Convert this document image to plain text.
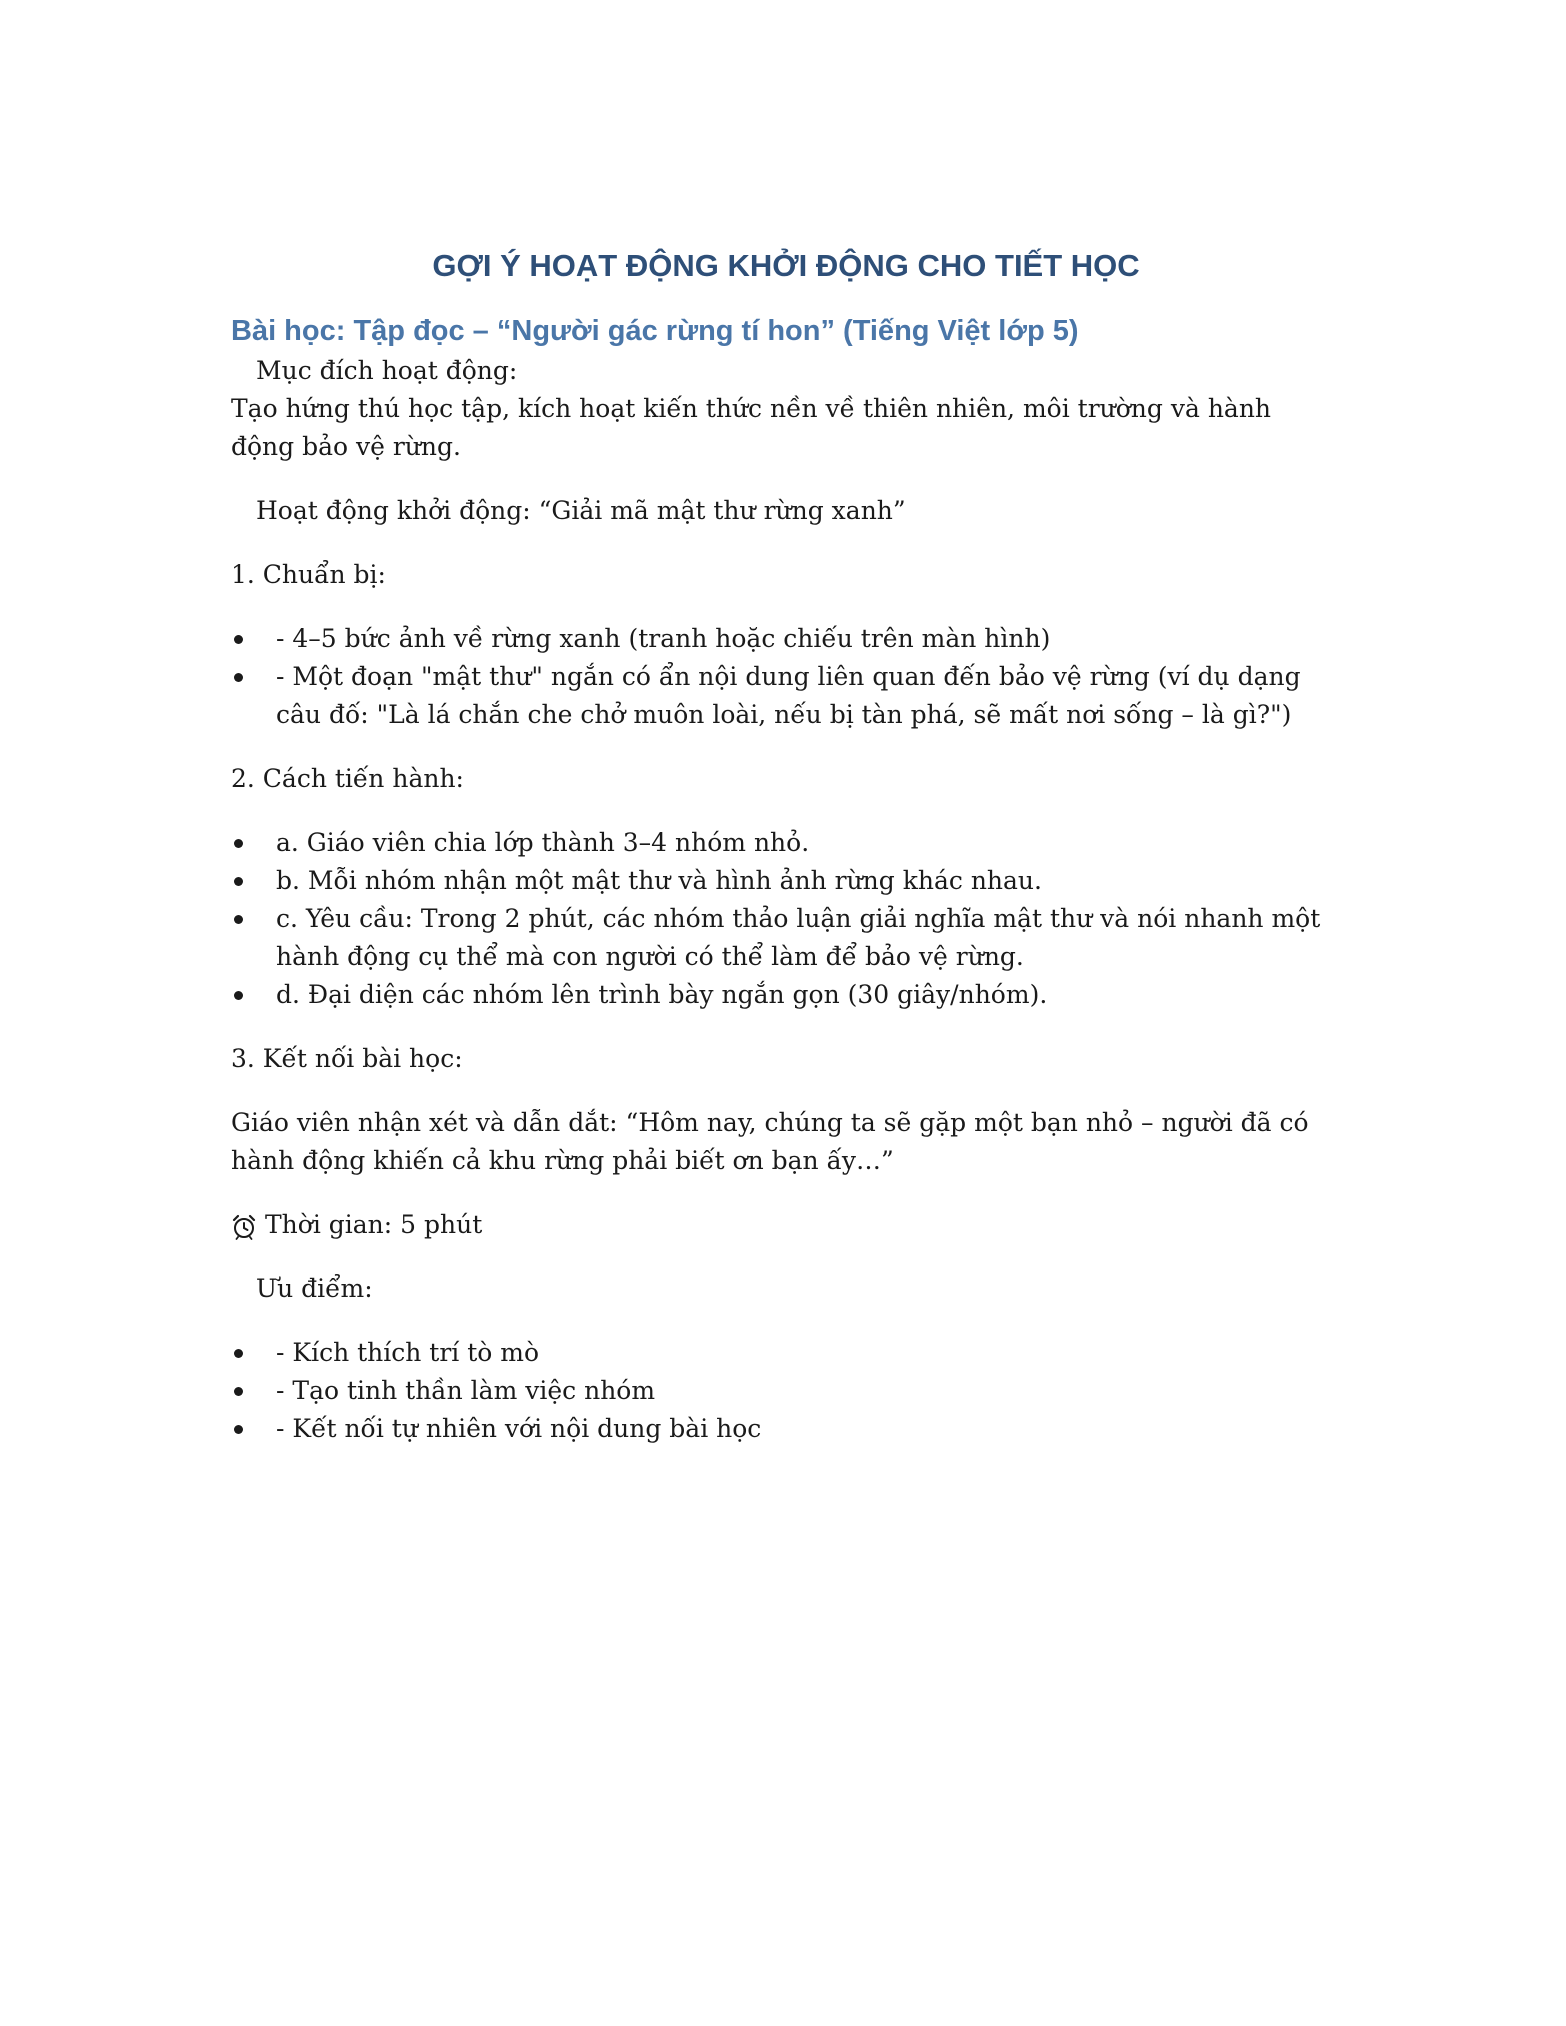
GỢI Ý HOẠT ĐỘNG KHỞI ĐỘNG CHO TIẾT HỌC
Bài học: Tập đọc – “Người gác rừng tí hon” (Tiếng Việt lớp 5)

Mục đích hoạt động:

Tạo hứng thú học tập, kích hoạt kiến thức nền về thiên nhiên, môi trường và hành động bảo vệ rừng.

Hoạt động khởi động: “Giải mã mật thư rừng xanh”

1. Chuẩn bị:

- 4–5 bức ảnh về rừng xanh (tranh hoặc chiếu trên màn hình)
- Một đoạn "mật thư" ngắn có ẩn nội dung liên quan đến bảo vệ rừng (ví dụ dạng câu đố: "Là lá chắn che chở muôn loài, nếu bị tàn phá, sẽ mất nơi sống – là gì?")

2. Cách tiến hành:

a. Giáo viên chia lớp thành 3–4 nhóm nhỏ.
b. Mỗi nhóm nhận một mật thư và hình ảnh rừng khác nhau.
c. Yêu cầu: Trong 2 phút, các nhóm thảo luận giải nghĩa mật thư và nói nhanh một hành động cụ thể mà con người có thể làm để bảo vệ rừng.
d. Đại diện các nhóm lên trình bày ngắn gọn (30 giây/nhóm).

3. Kết nối bài học:

Giáo viên nhận xét và dẫn dắt: “Hôm nay, chúng ta sẽ gặp một bạn nhỏ – người đã có hành động khiến cả khu rừng phải biết ơn bạn ấy…”

Thời gian: 5 phút

Ưu điểm:

- Kích thích trí tò mò
- Tạo tinh thần làm việc nhóm
- Kết nối tự nhiên với nội dung bài học
